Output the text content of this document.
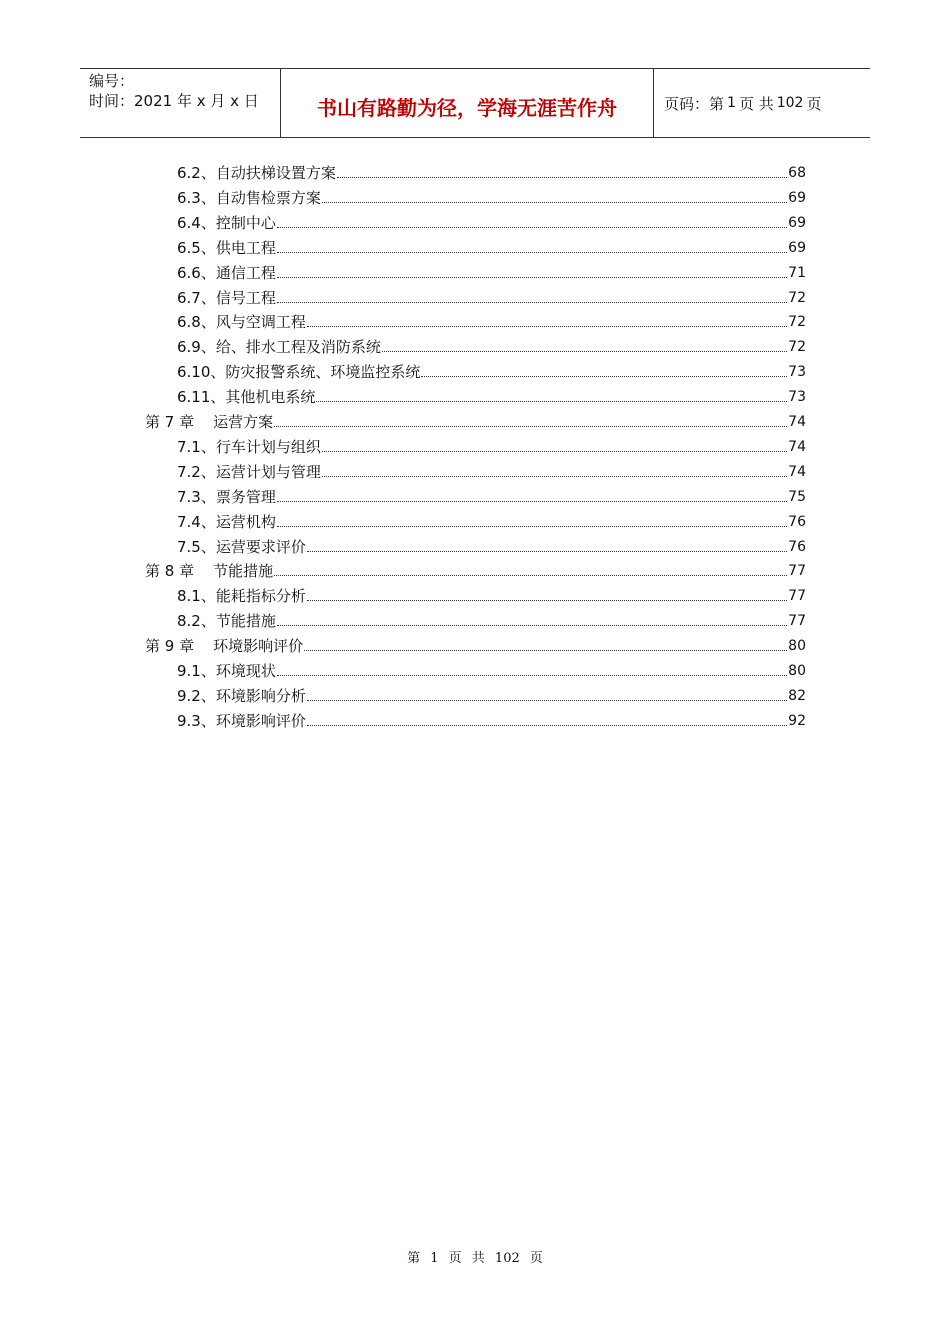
编号：
时间：2021 年 x 月 x 日	书山有路勤为径，学海无涯苦作舟	页码：第 1 页 共 102 页
6.2、自动扶梯设置方案	68
6.3、自动售检票方案	69
6.4、控制中心	69
6.5、供电工程	69
6.6、通信工程	71
6.7、信号工程	72
6.8、风与空调工程	72
6.9、给、排水工程及消防系统	72
6.10、防灾报警系统、环境监控系统	73
6.11、其他机电系统	73
第 7 章    运营方案	74
7.1、行车计划与组织	74
7.2、运营计划与管理	74
7.3、票务管理	75
7.4、运营机构	76
7.5、运营要求评价	76
第 8 章    节能措施	77
8.1、能耗指标分析	77
8.2、节能措施	77
第 9 章    环境影响评价	80
9.1、环境现状	80
9.2、环境影响分析	82
9.3、环境影响评价	92
第 1 页 共 102 页
